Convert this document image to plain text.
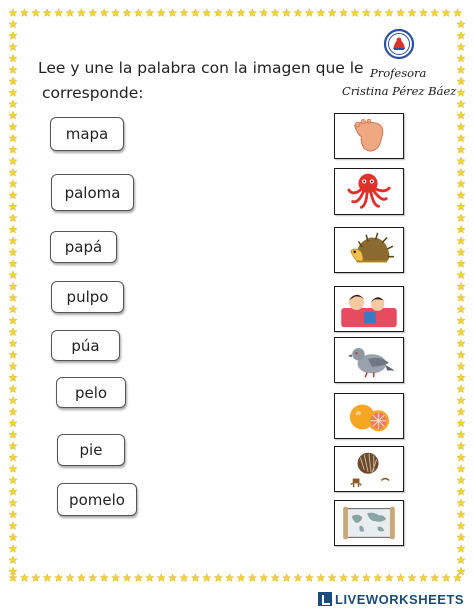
Lee y une la palabra con la imagen que le
corresponde:
Profesora
Cristina Pérez Báez
mapa
paloma
papá
pulpo
púa
pelo
pie
pomelo
LIVEWORKSHEETS
